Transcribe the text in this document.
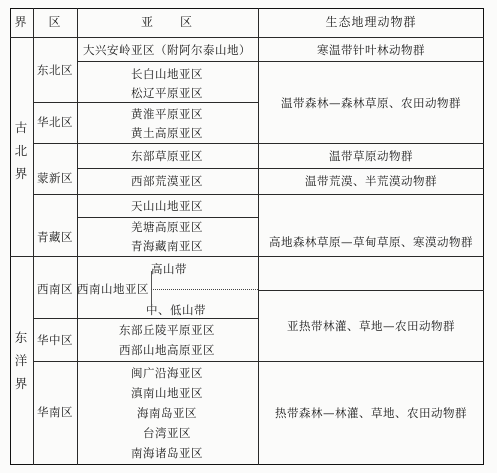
界 区	亚　　区	生态地理动物群
古
北
界
东
洋
界
东北区
华北区
蒙新区
青藏区
西南区
华中区
华南区
大兴安岭亚区（附阿尔泰山地）
长白山地亚区
松辽平原亚区
黄淮平原亚区
黄土高原亚区
东部草原亚区
西部荒漠亚区
天山山地亚区
羌塘高原亚区
青海藏南亚区
西南山地亚区
高山带
中、低山带
东部丘陵平原亚区
西部山地高原亚区
闽广沿海亚区
滇南山地亚区
海南岛亚区
台湾亚区
南海诸岛亚区
寒温带针叶林动物群
温带森林—森林草原、农田动物群
温带草原动物群
温带荒漠、半荒漠动物群
高地森林草原—草甸草原、寒漠动物群
亚热带林灌、草地—农田动物群
热带森林—林灌、草地、农田动物群
